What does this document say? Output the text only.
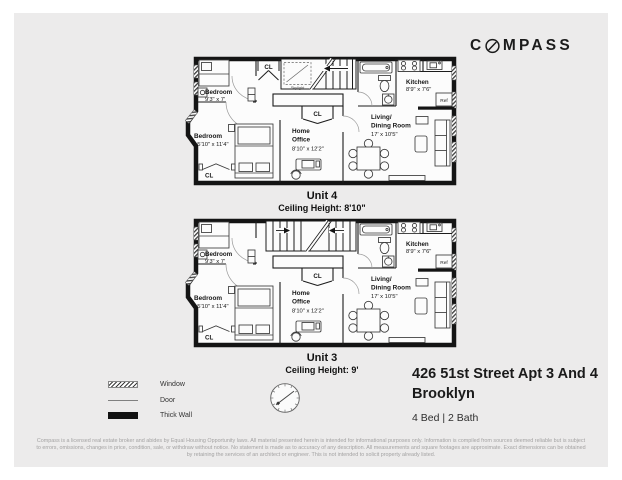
C MPASS
Unit 4
Ceiling Height: 8'10"
Unit 3
Ceiling Height: 9'
Window
Door
Thick Wall
426 51st Street Apt 3 And 4
Brooklyn
4 Bed | 2 Bath
Compass is a licensed real estate broker and abides by Equal Housing Opportunity laws. All material presented herein is intended for informational purposes only. Information is compiled from sources deemed reliable but is subject to errors, omissions, changes in price, condition, sale, or withdraw without notice. No statement is made as to accuracy of any description. All measurements and square footages are approximate. Exact dimensions can be obtained by retaining the services of an architect or engineer. This is not intended to solicit property already listed.
